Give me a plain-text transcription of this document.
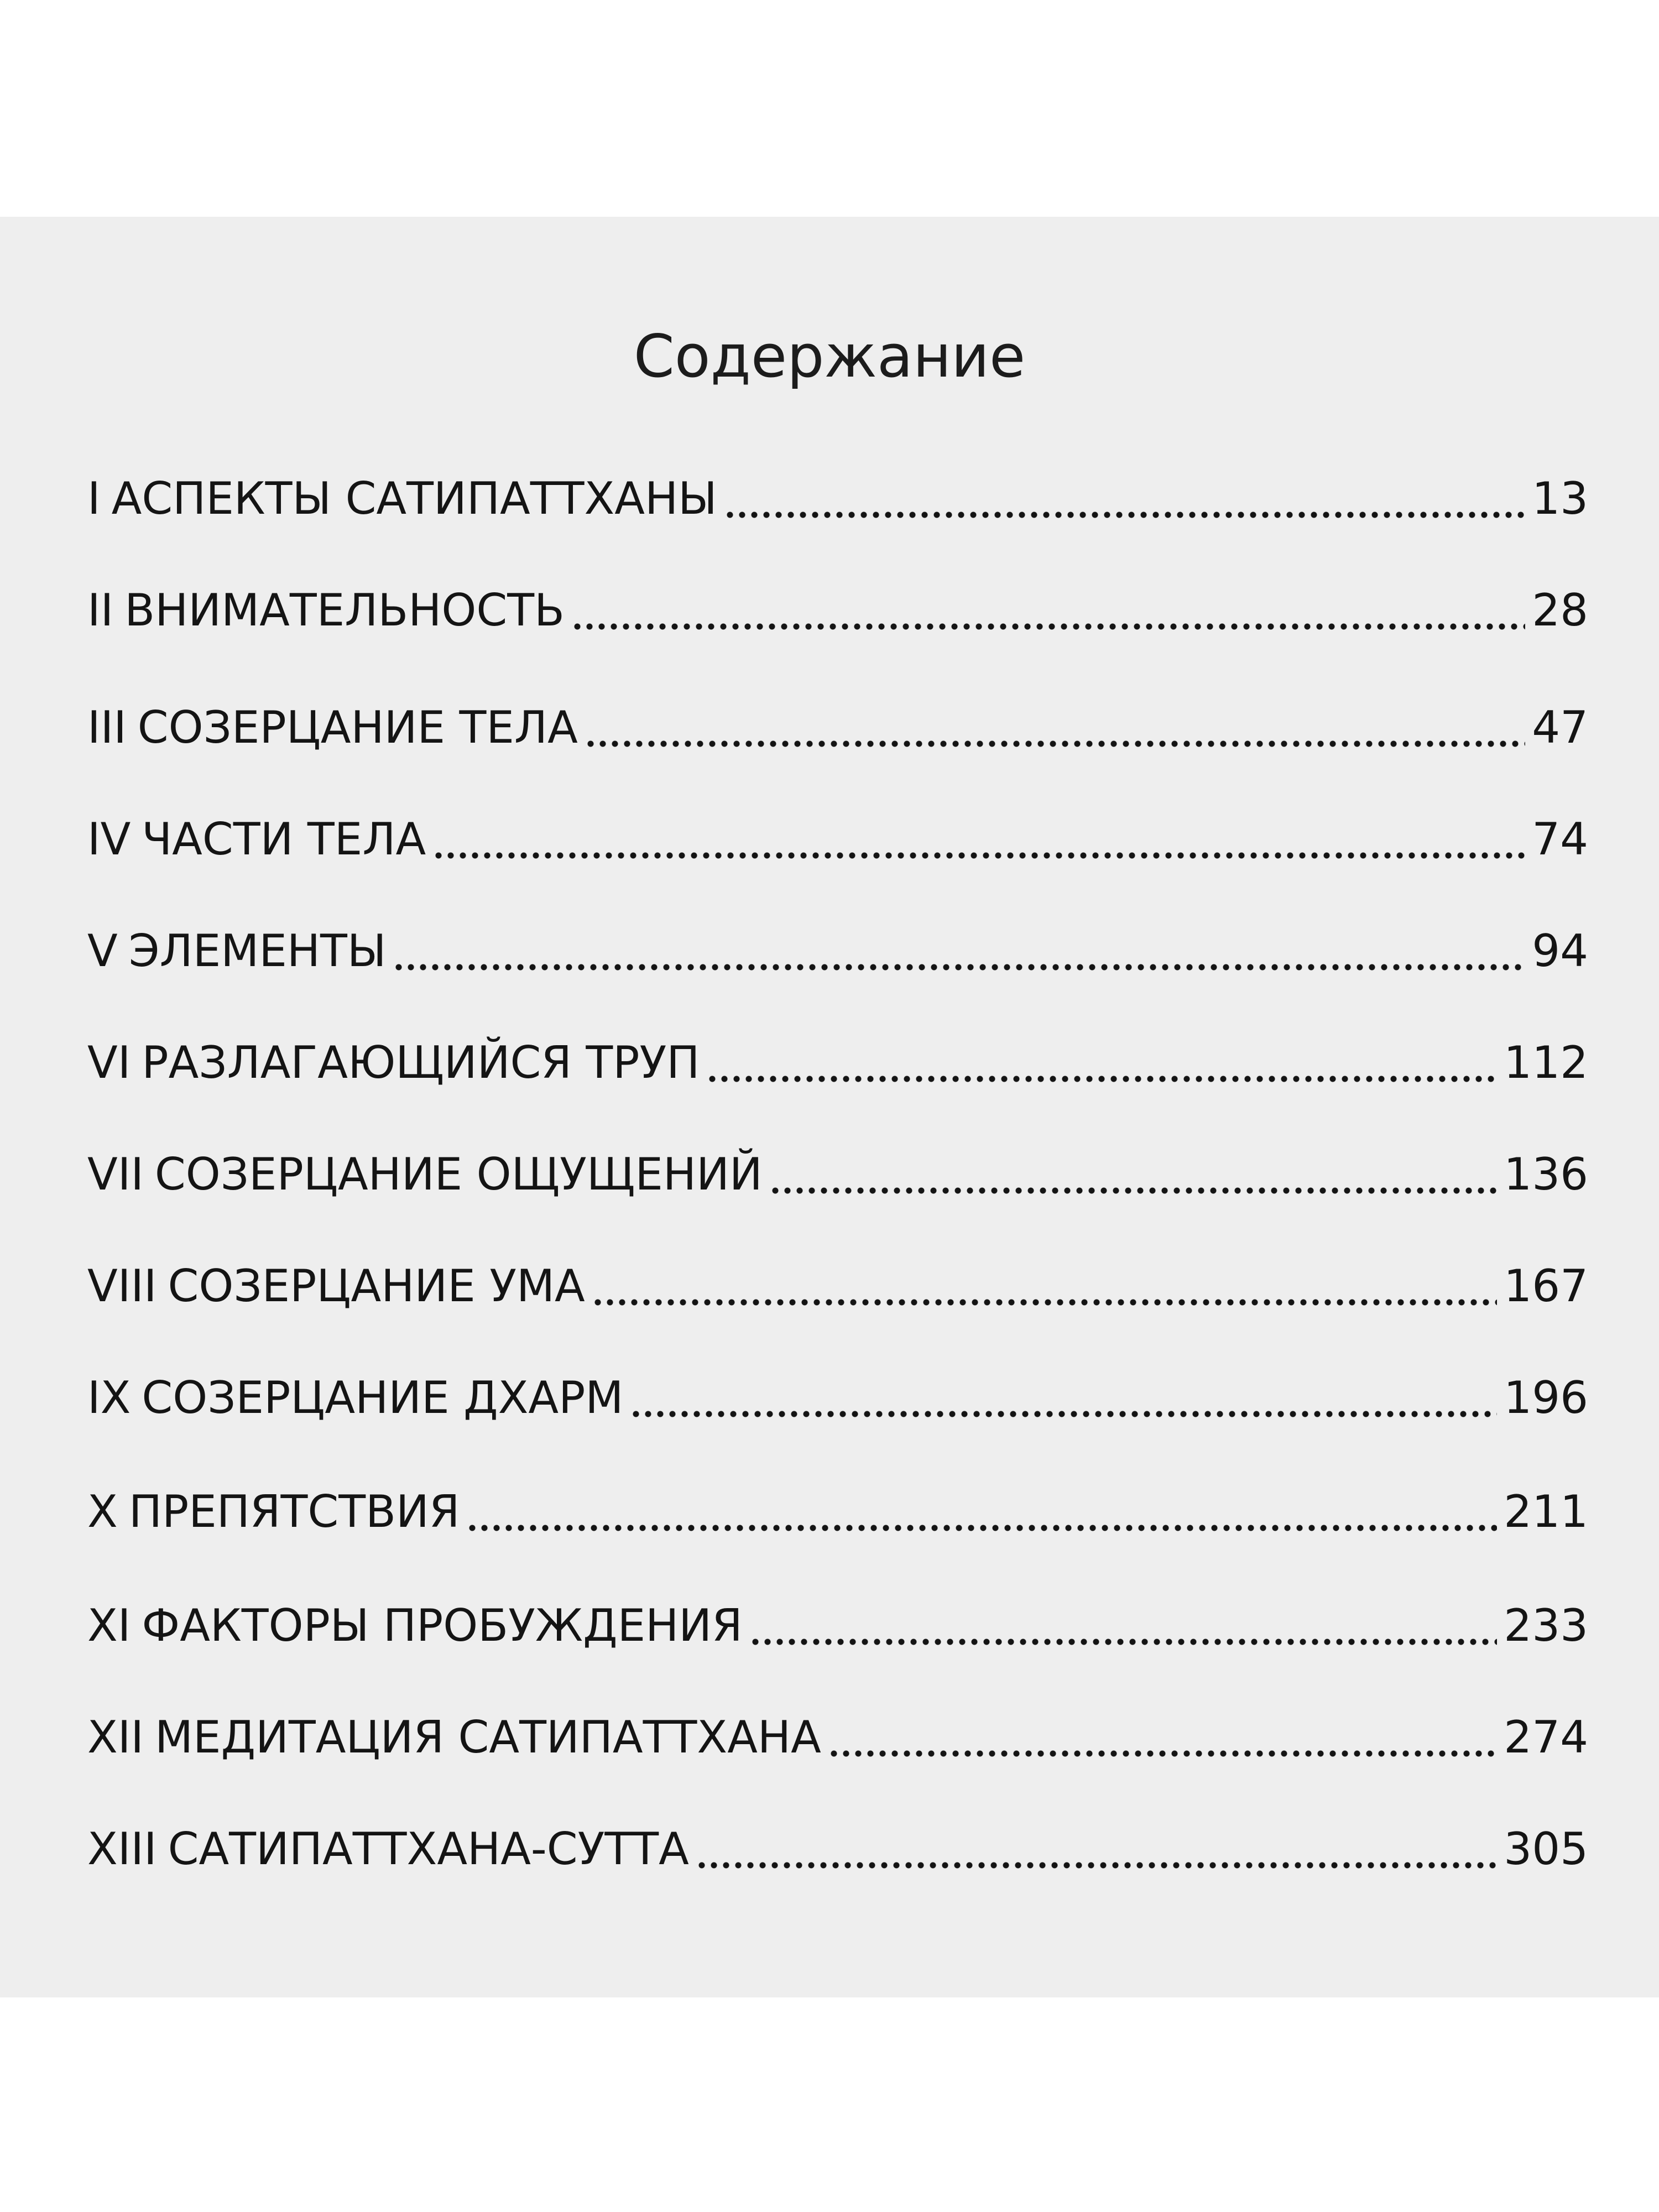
Содержание
I АСПЕКТЫ САТИПАТТХАНЫ	13
II ВНИМАТЕЛЬНОСТЬ	28
III СОЗЕРЦАНИЕ ТЕЛА	47
IV ЧАСТИ ТЕЛА	74
V ЭЛЕМЕНТЫ	94
VI РАЗЛАГАЮЩИЙСЯ ТРУП	112
VII СОЗЕРЦАНИЕ ОЩУЩЕНИЙ	136
VIII СОЗЕРЦАНИЕ УМА	167
IX СОЗЕРЦАНИЕ ДХАРМ	196
X ПРЕПЯТСТВИЯ	211
XI ФАКТОРЫ ПРОБУЖДЕНИЯ	233
XII МЕДИТАЦИЯ САТИПАТТХАНА	274
XIII САТИПАТТХАНА-СУТТА	305
